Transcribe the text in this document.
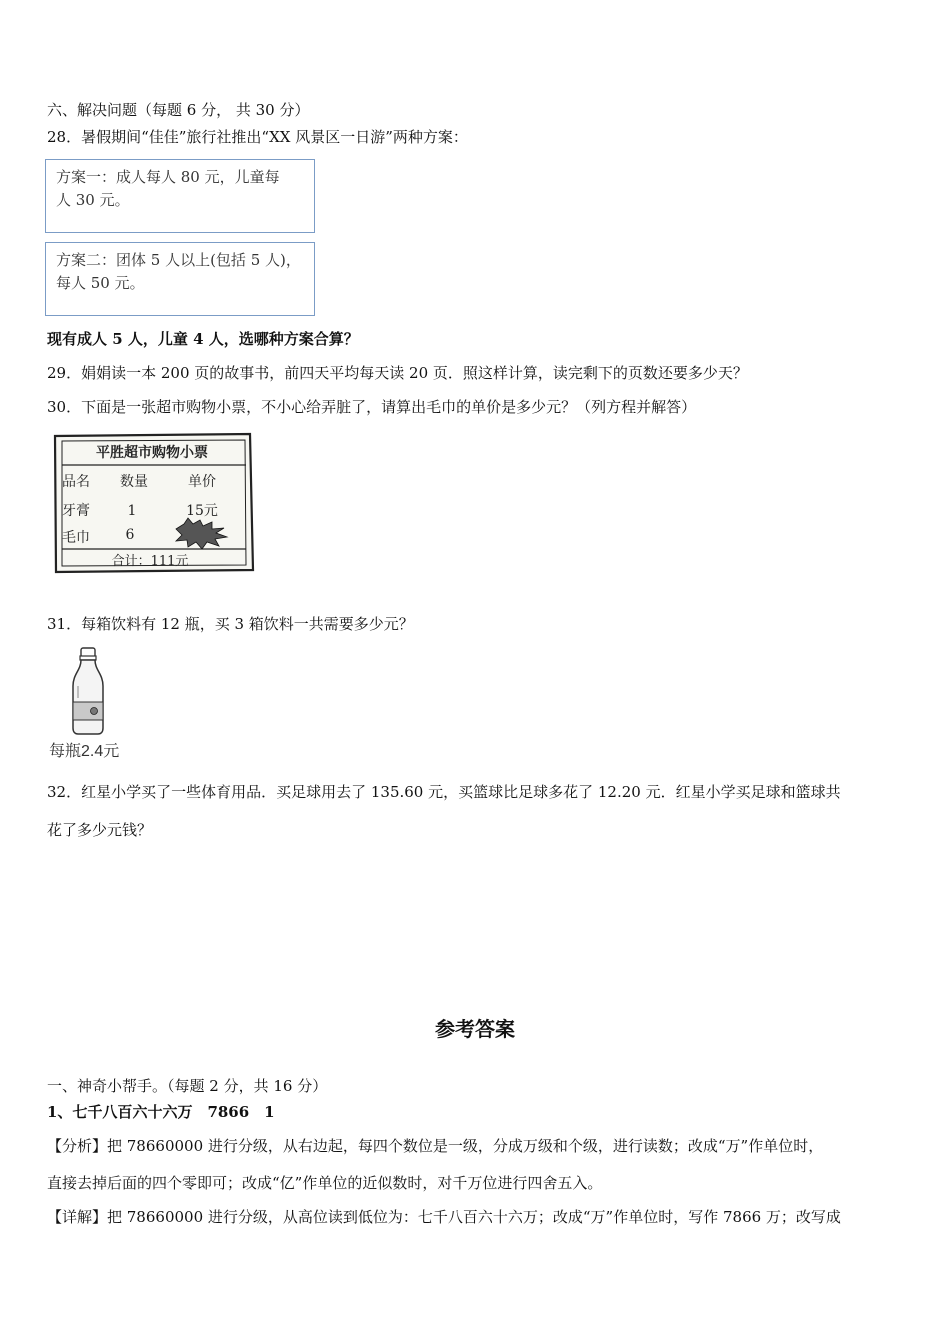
六、解决问题（每题 6 分， 共 30 分）
28．暑假期间“佳佳”旅行社推出“XX 风景区一日游”两种方案：
方案一：成人每人 80 元，儿童每
人 30 元。
方案二：团体 5 人以上(包括 5 人)，
每人 50 元。
现有成人 5 人，儿童 4 人，选哪种方案合算？
29．娟娟读一本 200 页的故事书，前四天平均每天读 20 页．照这样计算，读完剩下的页数还要多少天？
30．下面是一张超市购物小票，不小心给弄脏了，请算出毛巾的单价是多少元？（列方程并解答）
平胜超市购物小票
品名 数量	单价
牙膏	1	15元
毛巾	6
合计：111元
31．每箱饮料有 12 瓶，买 3 箱饮料一共需要多少元？
每瓶2.4元
32．红星小学买了一些体育用品．买足球用去了 135.60 元，买篮球比足球多花了 12.20 元．红星小学买足球和篮球共
花了多少元钱？
参考答案
一、神奇小帮手。（每题 2 分，共 16 分）
1、七千八百六十六万　7866　1
【分析】把 78660000 进行分级，从右边起，每四个数位是一级，分成万级和个级，进行读数；改成“万”作单位时，
直接去掉后面的四个零即可；改成“亿”作单位的近似数时，对千万位进行四舍五入。
【详解】把 78660000 进行分级，从高位读到低位为：七千八百六十六万；改成“万”作单位时，写作 7866 万；改写成
